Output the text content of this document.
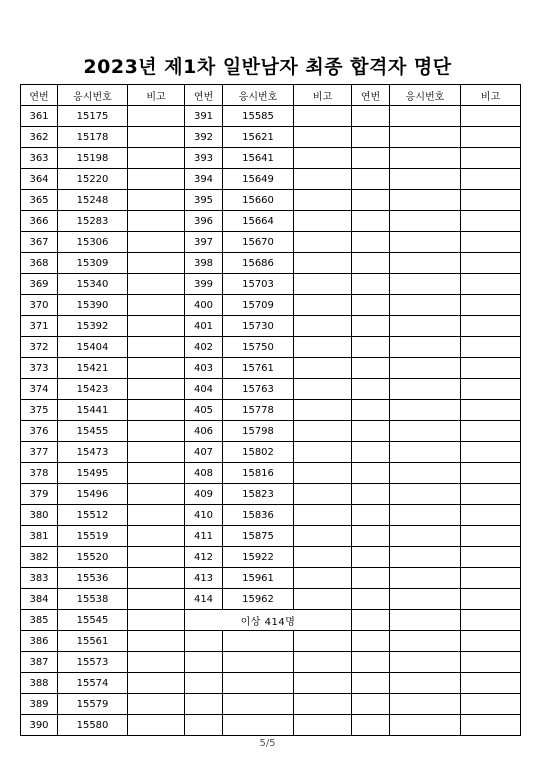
2023년 제1차 일반남자 최종 합격자 명단
연번	응시번호	비고	연번	응시번호	비고	연번	응시번호	비고
361	15175		391	15585				
362	15178		392	15621				
363	15198		393	15641				
364	15220		394	15649				
365	15248		395	15660				
366	15283		396	15664				
367	15306		397	15670				
368	15309		398	15686				
369	15340		399	15703				
370	15390		400	15709				
371	15392		401	15730				
372	15404		402	15750				
373	15421		403	15761				
374	15423		404	15763				
375	15441		405	15778				
376	15455		406	15798				
377	15473		407	15802				
378	15495		408	15816				
379	15496		409	15823				
380	15512		410	15836				
381	15519		411	15875				
382	15520		412	15922				
383	15536		413	15961				
384	15538		414	15962				
385	15545		이상 414명					
386	15561							
387	15573							
388	15574							
389	15579							
390	15580							
5/5
